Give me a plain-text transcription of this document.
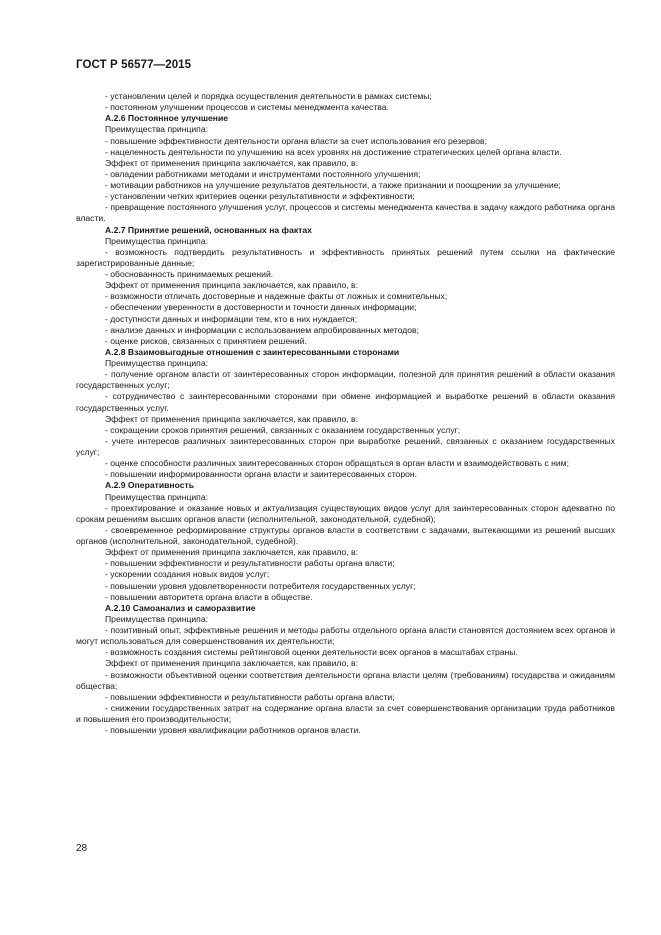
ГОСТ Р 56577—2015

- установлении целей и порядка осуществления деятельности в рамках системы;

- постоянном улучшении процессов и системы менеджмента качества.

А.2.6 Постоянное улучшение

Преимущества принципа:

- повышение эффективности деятельности органа власти за счет использования его резервов;

- нацеленность деятельности по улучшению на всех уровнях на достижение стратегических целей органа власти.

Эффект от применения принципа заключается, как правило, в:

- овладении работниками методами и инструментами постоянного улучшения;

- мотивации работников на улучшение результатов деятельности, а также признании и поощрении за улучшение;

- установлении четких критериев оценки результативности и эффективности;

- превращение постоянного улучшения услуг, процессов и системы менеджмента качества в задачу каждого работника органа власти.

А.2.7 Принятие решений, основанных на фактах

Преимущества принципа:

- возможность подтвердить результативность и эффективность принятых решений путем ссылки на фактические зарегистрированные данные;

- обоснованность принимаемых решений.

Эффект от применения принципа заключается, как правило, в:

- возможности отличать достоверные и надежные факты от ложных и сомнительных;

- обеспечении уверенности в достоверности и точности данных информации;

- доступности данных и информации тем, кто в них нуждается;

- анализе данных и информации с использованием апробированных методов;

- оценке рисков, связанных с принятием решений.

А.2.8 Взаимовыгодные отношения с заинтересованными сторонами

Преимущества принципа:

- получение органом власти от заинтересованных сторон информации, полезной для принятия решений в области оказания государственных услуг;

- сотрудничество с заинтересованными сторонами при обмене информацией и выработке решений в области оказания государственных услуг.

Эффект от применения принципа заключается, как правило, в:

- сокращении сроков принятия решений, связанных с оказанием государственных услуг;

- учете интересов различных заинтересованных сторон при выработке решений, связанных с оказанием государственных услуг;

- оценке способности различных заинтересованных сторон обращаться в орган власти и взаимодействовать с ним;

- повышении информированности органа власти и заинтересованных сторон.

А.2.9 Оперативность

Преимущества принципа:

- проектирование и оказание новых и актуализация существующих видов услуг для заинтересованных сторон адекватно по срокам решениям высших органов власти (исполнительной, законодательной, судебной);

- своевременное реформирование структуры органов власти в соответствии с задачами, вытекающими из решений высших органов (исполнительной, законодательной, судебной).

Эффект от применения принципа заключается, как правило, в:

- повышении эффективности и результативности работы органа власти;

- ускорении создания новых видов услуг;

- повышении уровня удовлетворенности потребителя государственных услуг;

- повышении авторитета органа власти в обществе.

А.2.10 Самоанализ и саморазвитие

Преимущества принципа:

- позитивный опыт, эффективные решения и методы работы отдельного органа власти становятся достоянием всех органов и могут использоваться для совершенствования их деятельности;

- возможность создания системы рейтинговой оценки деятельности всех органов в масштабах страны.

Эффект от применения принципа заключается, как правило, в:

- возможности объективной оценки соответствия деятельности органа власти целям (требованиям) государства и ожиданиям общества;

- повышении эффективности и результативности работы органа власти;

- снижении государственных затрат на содержание органа власти за счет совершенствования организации труда работников и повышения его производительности;

- повышении уровня квалификации работников органов власти.

28
